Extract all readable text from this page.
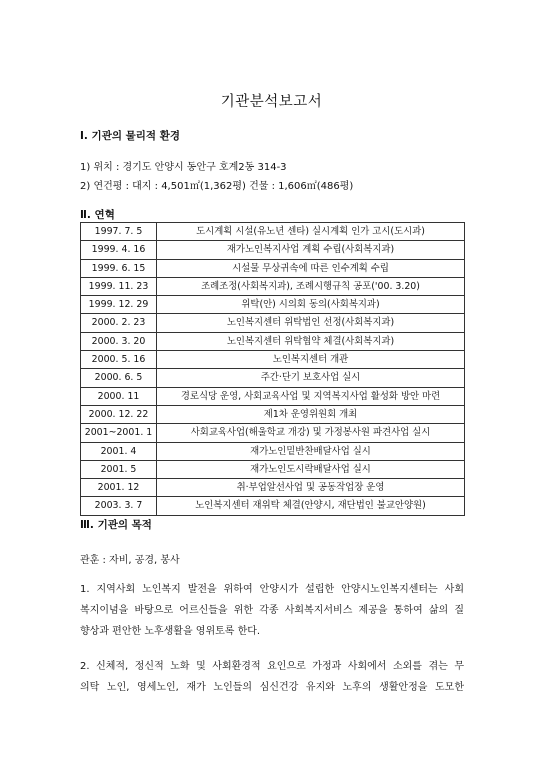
기관분석보고서
Ⅰ. 기관의 물리적 환경
1) 위치 : 경기도 안양시 동안구 호계2동 314-3
2) 연건평 : 대지 : 4,501㎡(1,362평) 건물 : 1,606㎡(486평)
Ⅱ. 연혁
1997. 7. 5	도시계획 시설(유노년 센타) 실시계획 인가 고시(도시과)
1999. 4. 16	재가노인복지사업 계획 수립(사회복지과)
1999. 6. 15	시설물 무상귀속에 따른 인수계획 수립
1999. 11. 23	조례조정(사회복지과), 조례시행규칙 공포('00. 3.20)
1999. 12. 29	위탁(안) 시의회 동의(사회복지과)
2000. 2. 23	노인복지센터 위탁법인 선정(사회복지과)
2000. 3. 20	노인복지센터 위탁협약 체결(사회복지과)
2000. 5. 16	노인복지센터 개관
2000. 6. 5	주간·단기 보호사업 실시
2000. 11	경로식당 운영, 사회교육사업 및 지역복지사업 활성화 방안 마련
2000. 12. 22	제1차 운영위원회 개최
2001~2001. 1	사회교육사업(해울학교 개강) 및 가정봉사원 파견사업 실시
2001. 4	재가노인밑반찬배달사업 실시
2001. 5	재가노인도시락배달사업 실시
2001. 12	취·부업알선사업 및 공동작업장 운영
2003. 3. 7	노인복지센터 재위탁 체결(안양시, 재단법인 불교안양원)
Ⅲ. 기관의 목적
관훈 : 자비, 공경, 봉사
1. 지역사회 노인복지 발전을 위하여 안양시가 설립한 안양시노인복지센터는 사회
복지이념을 바탕으로 어르신들을 위한 각종 사회복지서비스 제공을 통하여 삶의 질
향상과 편안한 노후생활을 영위토록 한다.
2. 신체적, 정신적 노화 및 사회환경적 요인으로 가정과 사회에서 소외를 겪는 무
의탁 노인, 영세노인, 재가 노인들의 심신건강 유지와 노후의 생활안정을 도모한
